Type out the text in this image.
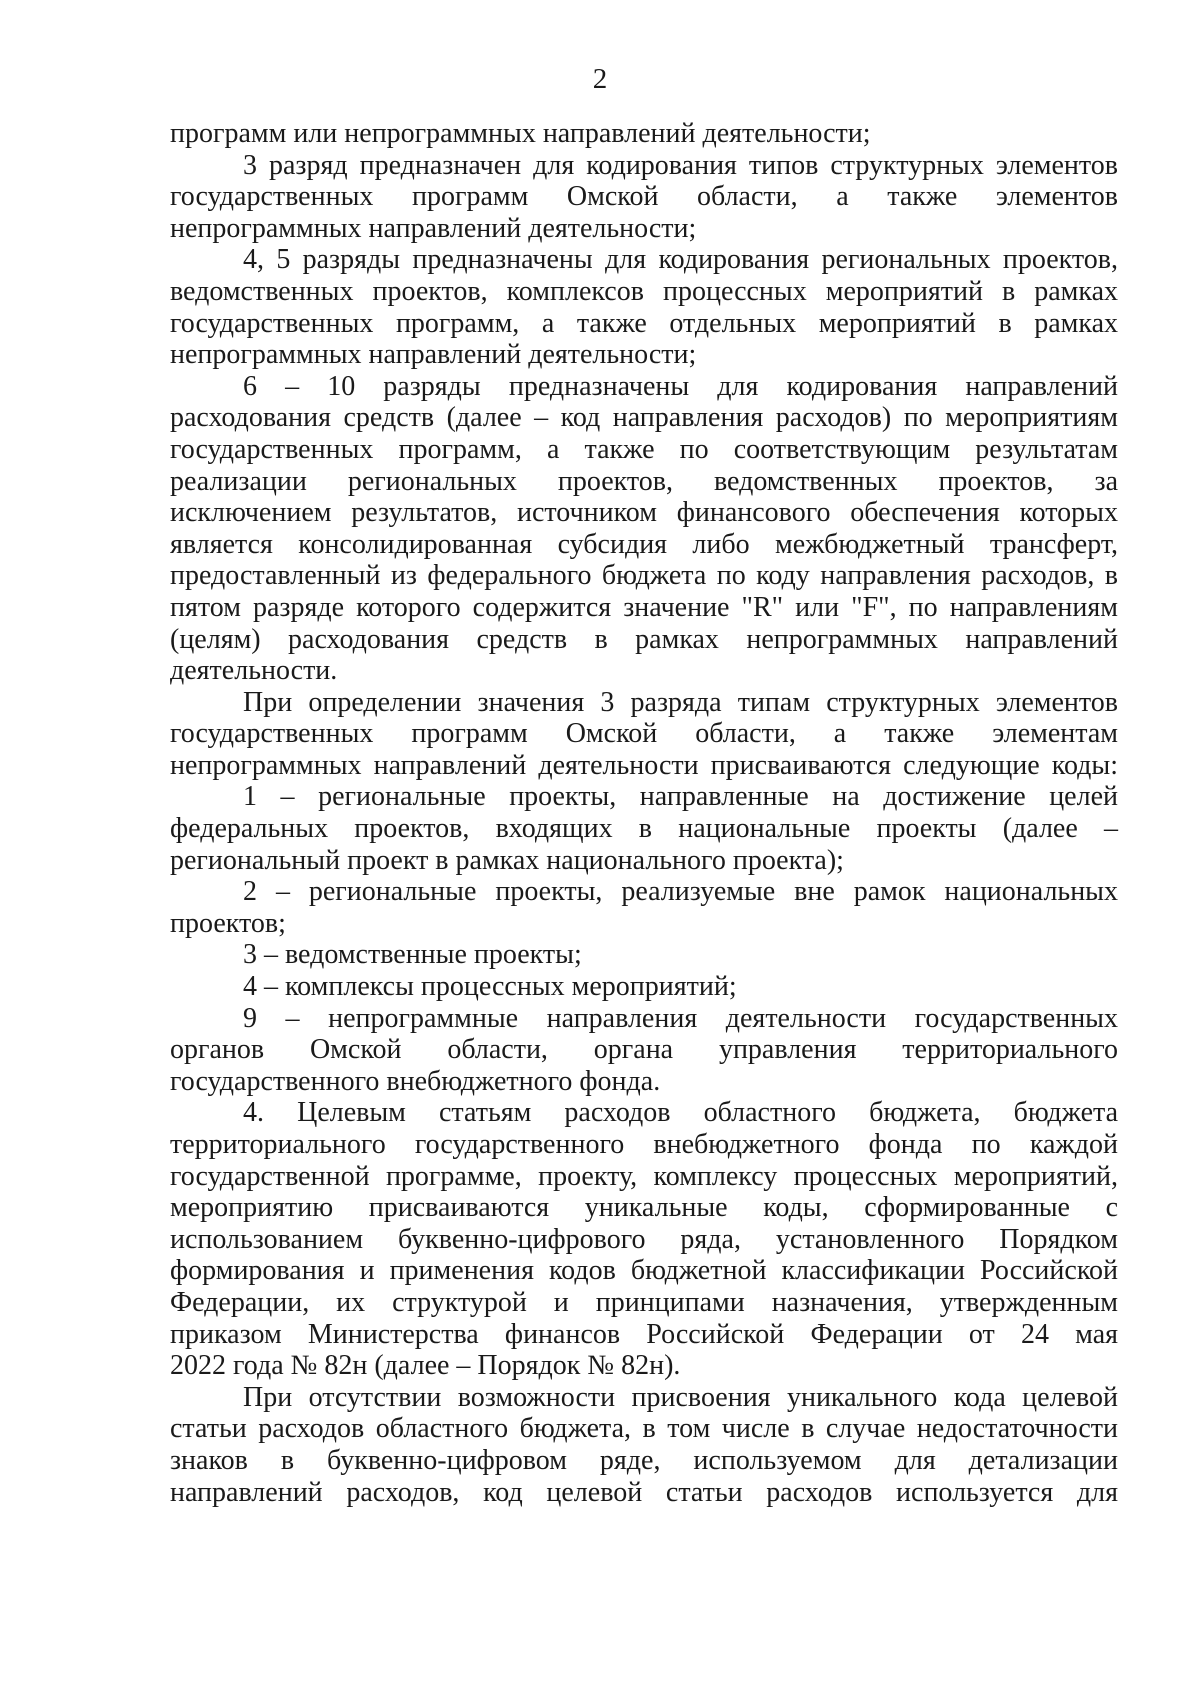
2
программ или непрограммных направлений деятельности;
3 разряд предназначен для кодирования типов структурных элементов
государственных программ Омской области, а также элементов
непрограммных направлений деятельности;
4, 5 разряды предназначены для кодирования региональных проектов,
ведомственных проектов, комплексов процессных мероприятий в рамках
государственных программ, а также отдельных мероприятий в рамках
непрограммных направлений деятельности;
6 – 10 разряды предназначены для кодирования направлений
расходования средств (далее – код направления расходов) по мероприятиям
государственных программ, а также по соответствующим результатам
реализации региональных проектов, ведомственных проектов, за
исключением результатов, источником финансового обеспечения которых
является консолидированная субсидия либо межбюджетный трансферт,
предоставленный из федерального бюджета по коду направления расходов, в
пятом разряде которого содержится значение "R" или "F", по направлениям
(целям) расходования средств в рамках непрограммных направлений
деятельности.
При определении значения 3 разряда типам структурных элементов
государственных программ Омской области, а также элементам
непрограммных направлений деятельности присваиваются следующие коды:
1 – региональные проекты, направленные на достижение целей
федеральных проектов, входящих в национальные проекты (далее –
региональный проект в рамках национального проекта);
2 – региональные проекты, реализуемые вне рамок национальных
проектов;
3 – ведомственные проекты;
4 – комплексы процессных мероприятий;
9 – непрограммные направления деятельности государственных
органов Омской области, органа управления территориального
государственного внебюджетного фонда.
4. Целевым статьям расходов областного бюджета, бюджета
территориального государственного внебюджетного фонда по каждой
государственной программе, проекту, комплексу процессных мероприятий,
мероприятию присваиваются уникальные коды, сформированные с
использованием буквенно-цифрового ряда, установленного Порядком
формирования и применения кодов бюджетной классификации Российской
Федерации, их структурой и принципами назначения, утвержденным
приказом Министерства финансов Российской Федерации от 24 мая
2022 года № 82н (далее – Порядок № 82н).
При отсутствии возможности присвоения уникального кода целевой
статьи расходов областного бюджета, в том числе в случае недостаточности
знаков в буквенно-цифровом ряде, используемом для детализации
направлений расходов, код целевой статьи расходов используется для
